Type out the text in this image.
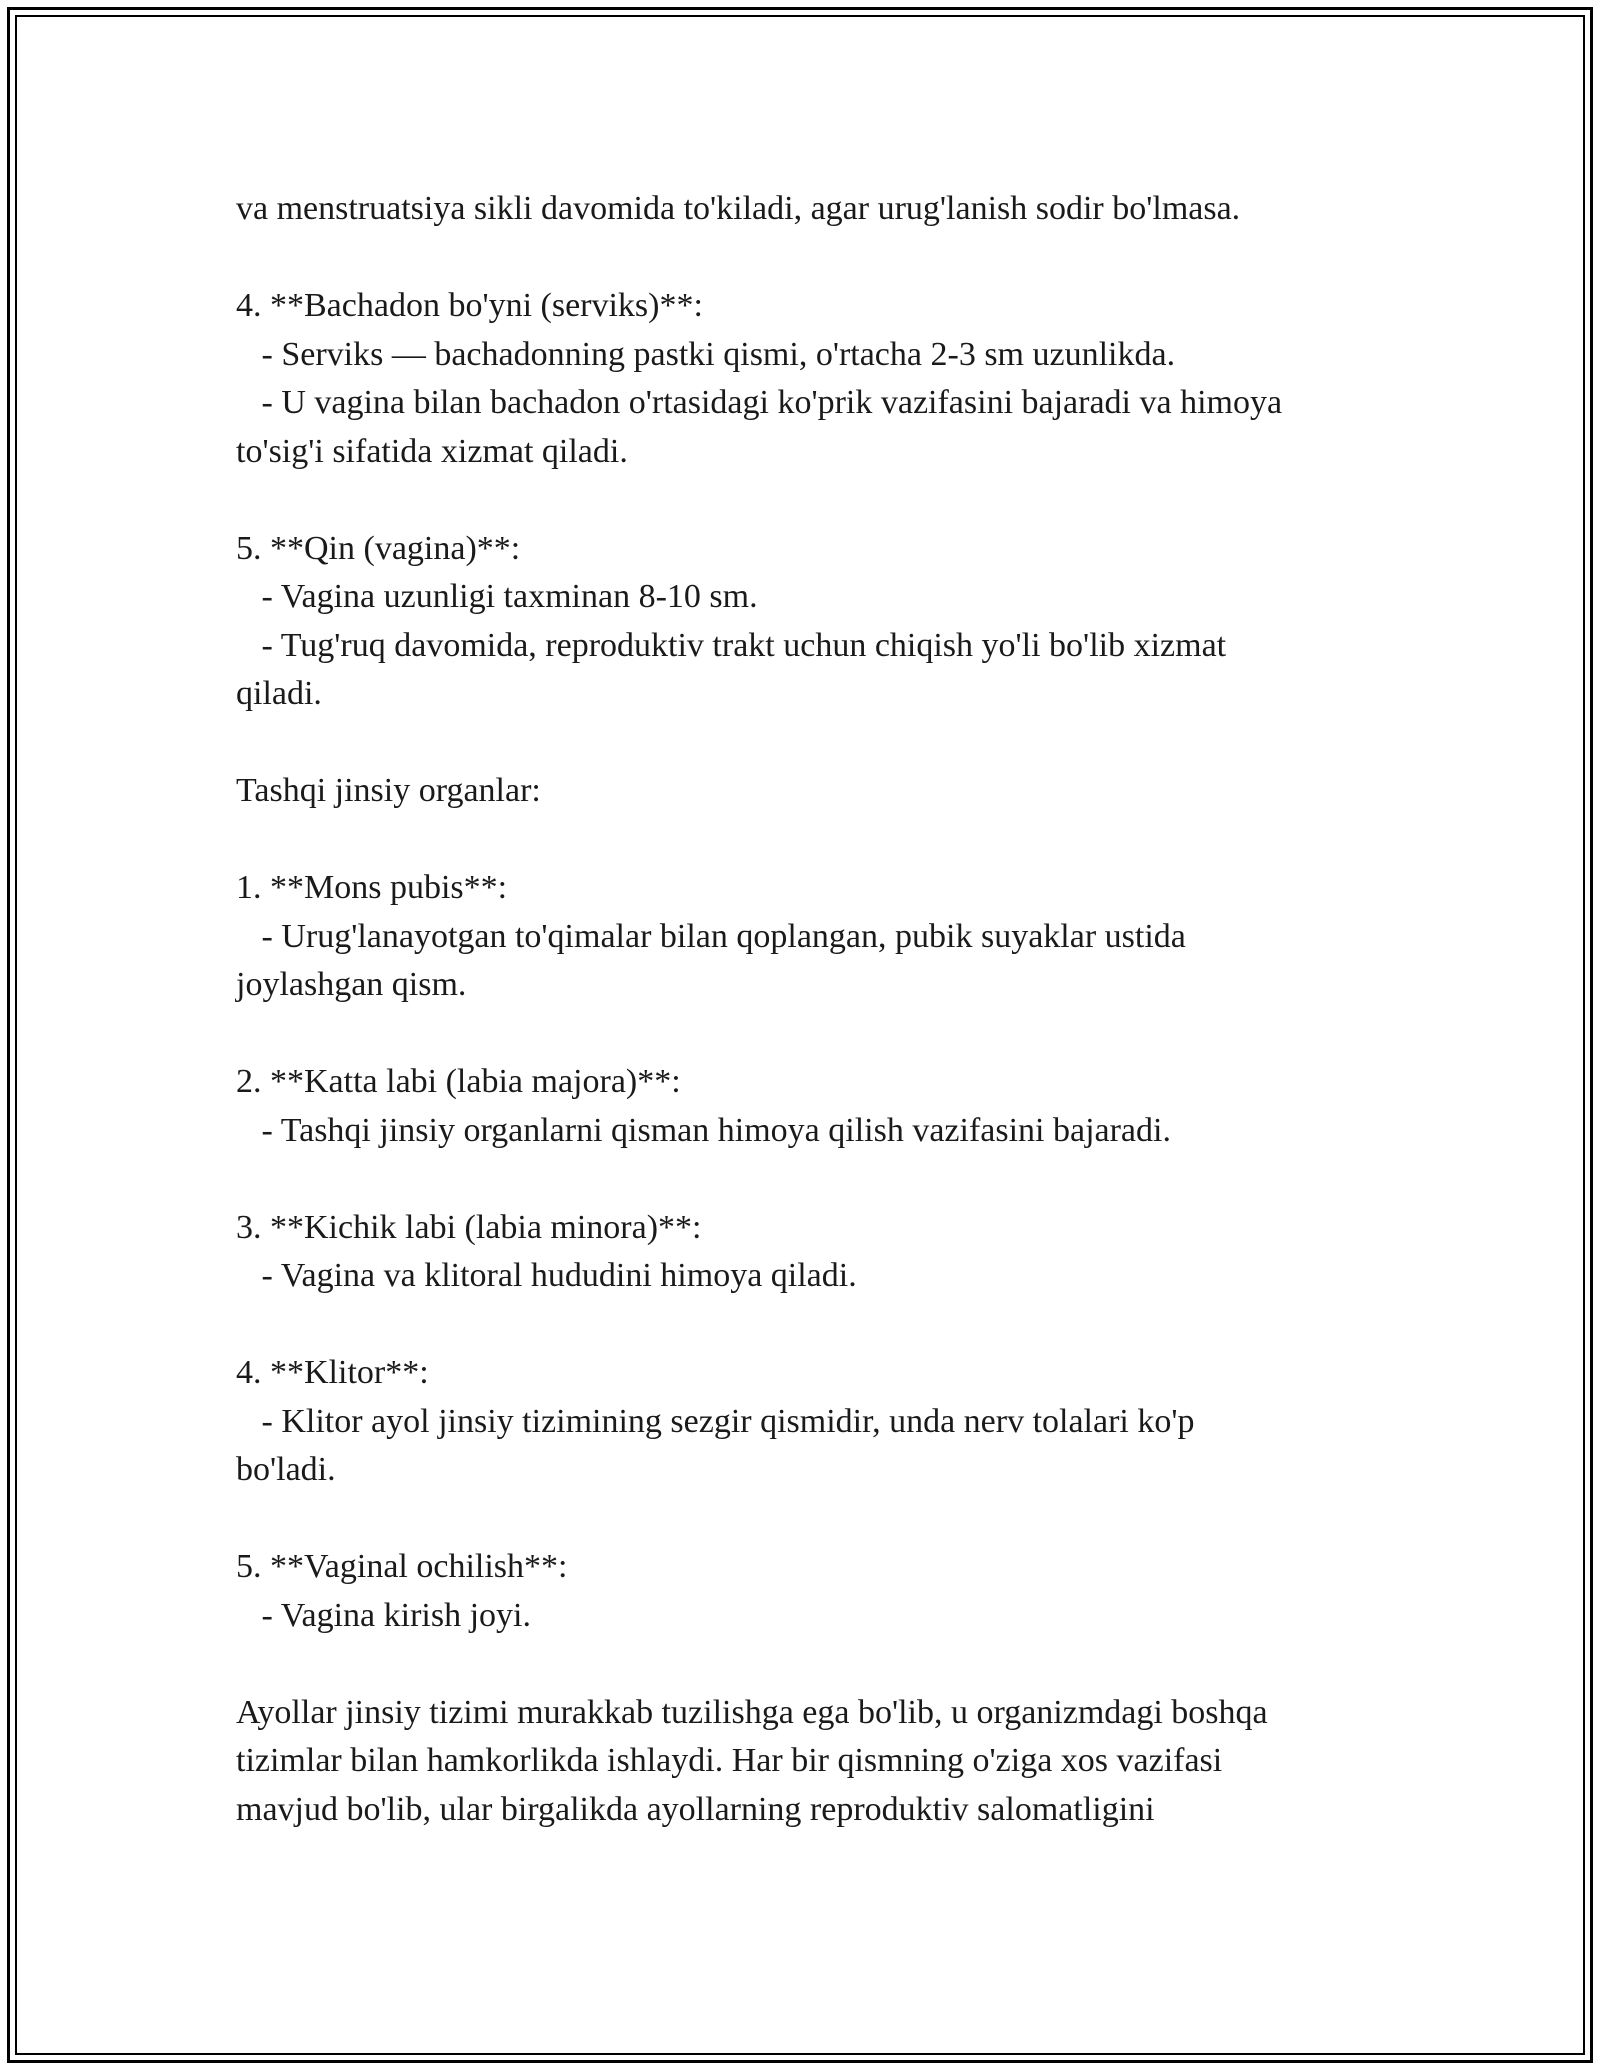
va menstruatsiya sikli davomida to'kiladi, agar urug'lanish sodir bo'lmasa.
4. **Bachadon bo'yni (serviks)**:
- Serviks — bachadonning pastki qismi, o'rtacha 2-3 sm uzunlikda.
- U vagina bilan bachadon o'rtasidagi ko'prik vazifasini bajaradi va himoya
to'sig'i sifatida xizmat qiladi.
5. **Qin (vagina)**:
- Vagina uzunligi taxminan 8-10 sm.
- Tug'ruq davomida, reproduktiv trakt uchun chiqish yo'li bo'lib xizmat
qiladi.
Tashqi jinsiy organlar:
1. **Mons pubis**:
- Urug'lanayotgan to'qimalar bilan qoplangan, pubik suyaklar ustida
joylashgan qism.
2. **Katta labi (labia majora)**:
- Tashqi jinsiy organlarni qisman himoya qilish vazifasini bajaradi.
3. **Kichik labi (labia minora)**:
- Vagina va klitoral hududini himoya qiladi.
4. **Klitor**:
- Klitor ayol jinsiy tizimining sezgir qismidir, unda nerv tolalari ko'p
bo'ladi.
5. **Vaginal ochilish**:
- Vagina kirish joyi.
Ayollar jinsiy tizimi murakkab tuzilishga ega bo'lib, u organizmdagi boshqa
tizimlar bilan hamkorlikda ishlaydi. Har bir qismning o'ziga xos vazifasi
mavjud bo'lib, ular birgalikda ayollarning reproduktiv salomatligini
